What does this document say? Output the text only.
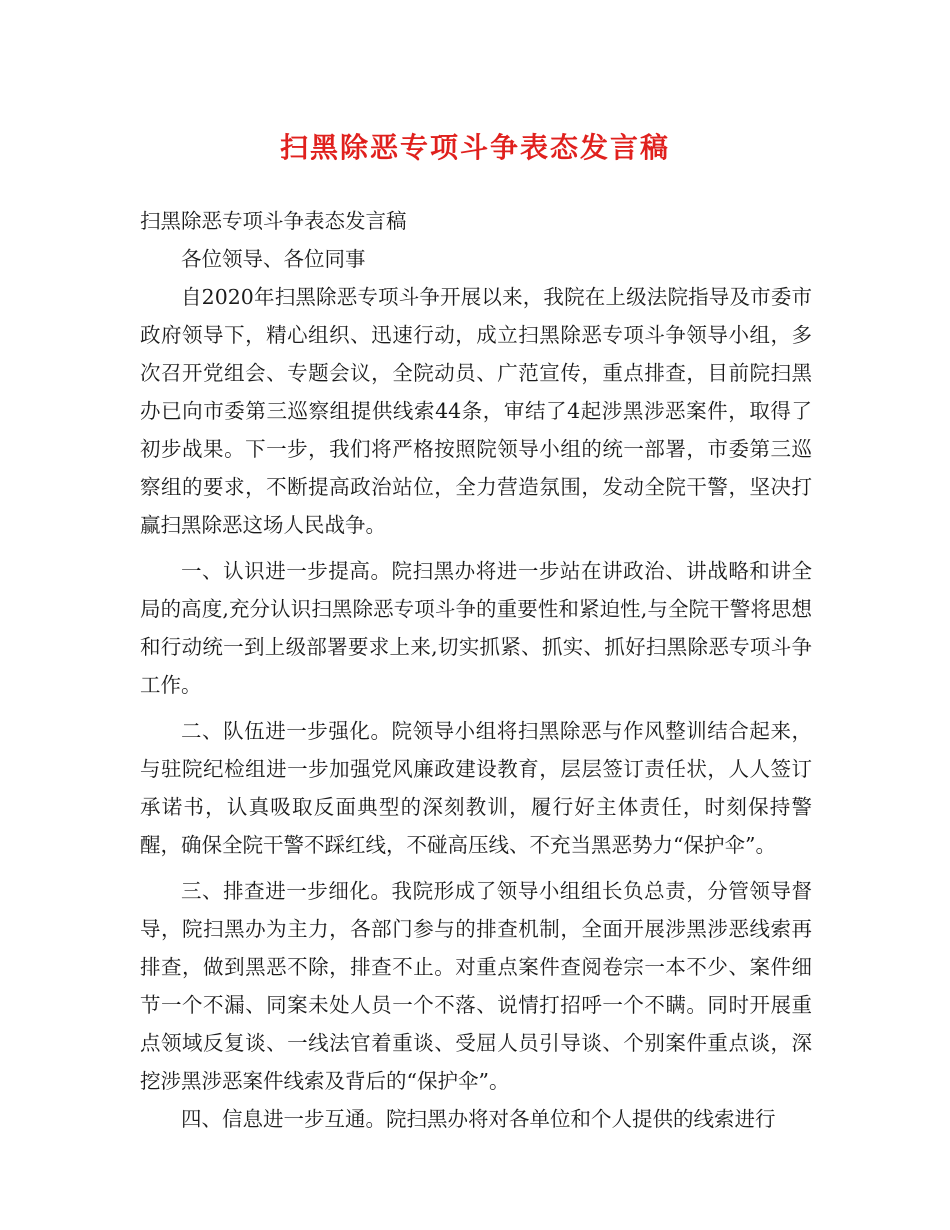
扫黑除恶专项斗争表态发言稿

扫黑除恶专项斗争表态发言稿

各位领导、各位同事

自2020年扫黑除恶专项斗争开展以来，我院在上级法院指导及市委市政府领导下，精心组织、迅速行动，成立扫黑除恶专项斗争领导小组，多次召开党组会、专题会议，全院动员、广范宣传，重点排查，目前院扫黑办已向市委第三巡察组提供线索44条，审结了4起涉黑涉恶案件，取得了初步战果。下一步，我们将严格按照院领导小组的统一部署，市委第三巡察组的要求，不断提高政治站位，全力营造氛围，发动全院干警，坚决打赢扫黑除恶这场人民战争。

一、认识进一步提高。院扫黑办将进一步站在讲政治、讲战略和讲全局的高度,充分认识扫黑除恶专项斗争的重要性和紧迫性,与全院干警将思想和行动统一到上级部署要求上来,切实抓紧、抓实、抓好扫黑除恶专项斗争工作。

二、队伍进一步强化。院领导小组将扫黑除恶与作风整训结合起来，与驻院纪检组进一步加强党风廉政建设教育，层层签订责任状，人人签订承诺书，认真吸取反面典型的深刻教训，履行好主体责任，时刻保持警醒，确保全院干警不踩红线，不碰高压线、不充当黑恶势力“保护伞”。

三、排查进一步细化。我院形成了领导小组组长负总责，分管领导督导，院扫黑办为主力，各部门参与的排查机制，全面开展涉黑涉恶线索再排查，做到黑恶不除，排查不止。对重点案件查阅卷宗一本不少、案件细节一个不漏、同案未处人员一个不落、说情打招呼一个不瞒。同时开展重点领域反复谈、一线法官着重谈、受屈人员引导谈、个别案件重点谈，深挖涉黑涉恶案件线索及背后的“保护伞”。

四、信息进一步互通。院扫黑办将对各单位和个人提供的线索进行
